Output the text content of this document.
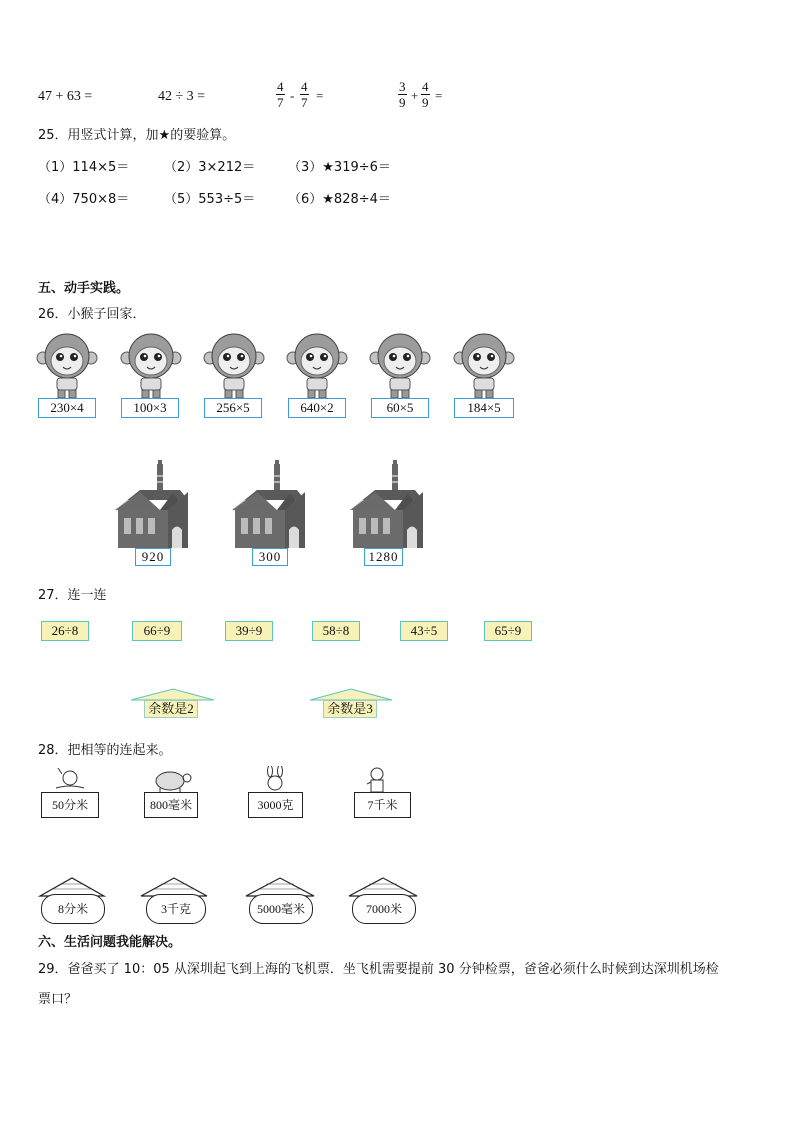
47 + 63 =	42 ÷ 3 =	$\frac{4}{7} - \frac{4}{7}$ =	$\frac{3}{9} + \frac{4}{9}$ =
25．用竖式计算，加★的要验算。
（1）114×5＝	（2）3×212＝	（3）★319÷6＝
（4）750×8＝	（5）553÷5＝	（6）★828÷4＝
五、动手实践。
26．小猴子回家．
230×4	100×3	256×5	640×2	60×5	184×5
920	300	1280
27．连一连
26÷8	66÷9	39÷9	58÷8	43÷5	65÷9
余数是2	余数是3
28．把相等的连起来。
50分米	800毫米	3000克	7千米
8分米	3千克	5000毫米	7000米
六、生活问题我能解决。
29．爸爸买了 10：05 从深圳起飞到上海的飞机票．坐飞机需要提前 30 分钟检票，爸爸必须什么时候到达深圳机场检
票口？
